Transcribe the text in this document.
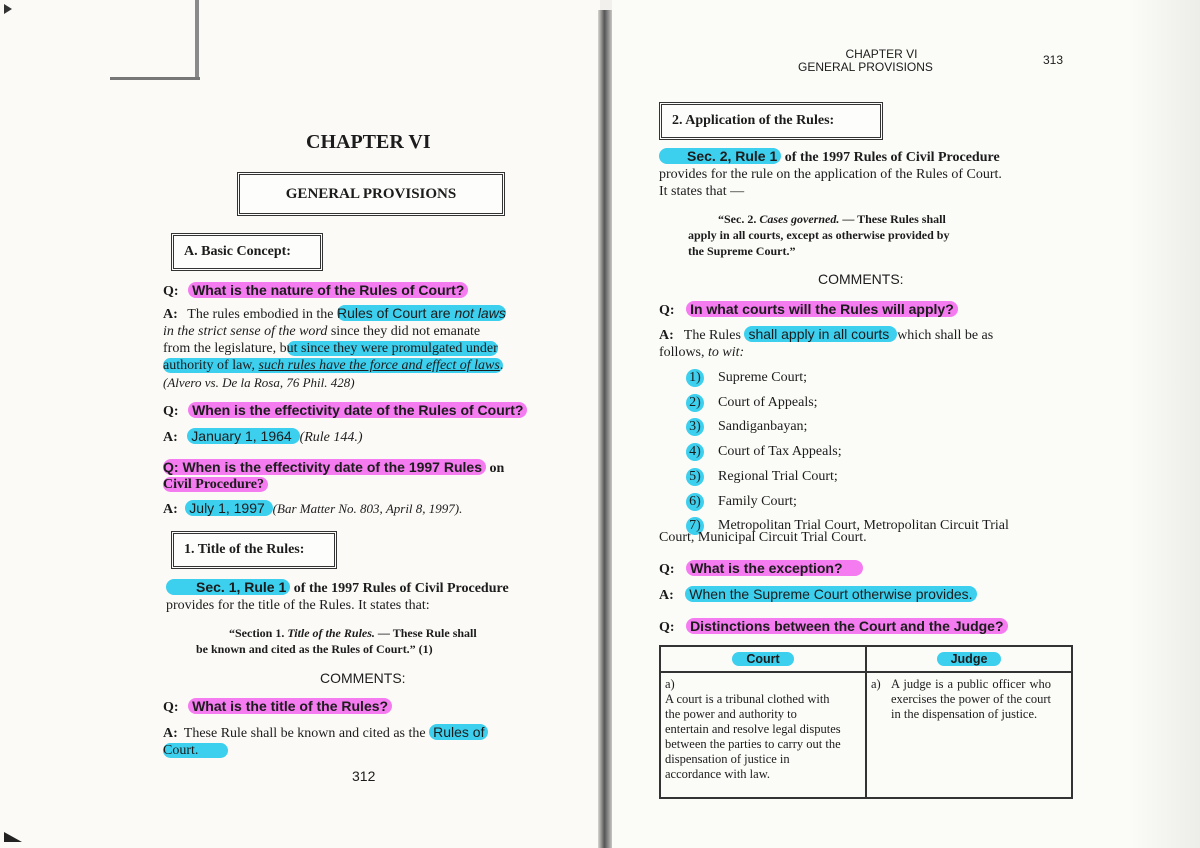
CHAPTER VI
GENERAL PROVISIONS
A. Basic Concept:
Q: What is the nature of the Rules of Court?
A: The rules embodied in the Rules of Court are not laws
in the strict sense of the word since they did not emanate
from the legislature, but since they were promulgated under
authority of law, such rules have the force and effect of laws.
(Alvero vs. De la Rosa, 76 Phil. 428)
Q: When is the effectivity date of the Rules of Court?
A: January 1, 1964 (Rule 144.)
Q: When is the effectivity date of the 1997 Rules on
Civil Procedure?
A: July 1, 1997 (Bar Matter No. 803, April 8, 1997).
1. Title of the Rules:
Sec. 1, Rule 1 of the 1997 Rules of Civil Procedure
provides for the title of the Rules. It states that:
“Section 1. Title of the Rules. — These Rule shall
be known and cited as the Rules of Court.” (1)
COMMENTS:
Q: What is the title of the Rules?
A: These Rule shall be known and cited as the Rules of
Court.
312
CHAPTER VI
GENERAL PROVISIONS	313
2. Application of the Rules:
Sec. 2, Rule 1 of the 1997 Rules of Civil Procedure
provides for the rule on the application of the Rules of Court.
It states that —
“Sec. 2. Cases governed. — These Rules shall
apply in all courts, except as otherwise provided by
the Supreme Court.”
COMMENTS:
Q: In what courts will the Rules will apply?
A: The Rules shall apply in all courts which shall be as
follows, to wit:
1) Supreme Court;
2) Court of Appeals;
3) Sandiganbayan;
4) Court of Tax Appeals;
5) Regional Trial Court;
6) Family Court;
7) Metropolitan Trial Court, Metropolitan Circuit Trial
Court, Municipal Circuit Trial Court.
Q: What is the exception?
A: When the Supreme Court otherwise provides.
Q: Distinctions between the Court and the Judge?
Court	Judge
a)A court is a tribunal clothed with the power and authority to entertain and resolve legal disputes between the parties to carry out the dispensation of justice in accordance with law.	a) A judge is a public officer who exercises the power of the court in the dispensation of justice.
